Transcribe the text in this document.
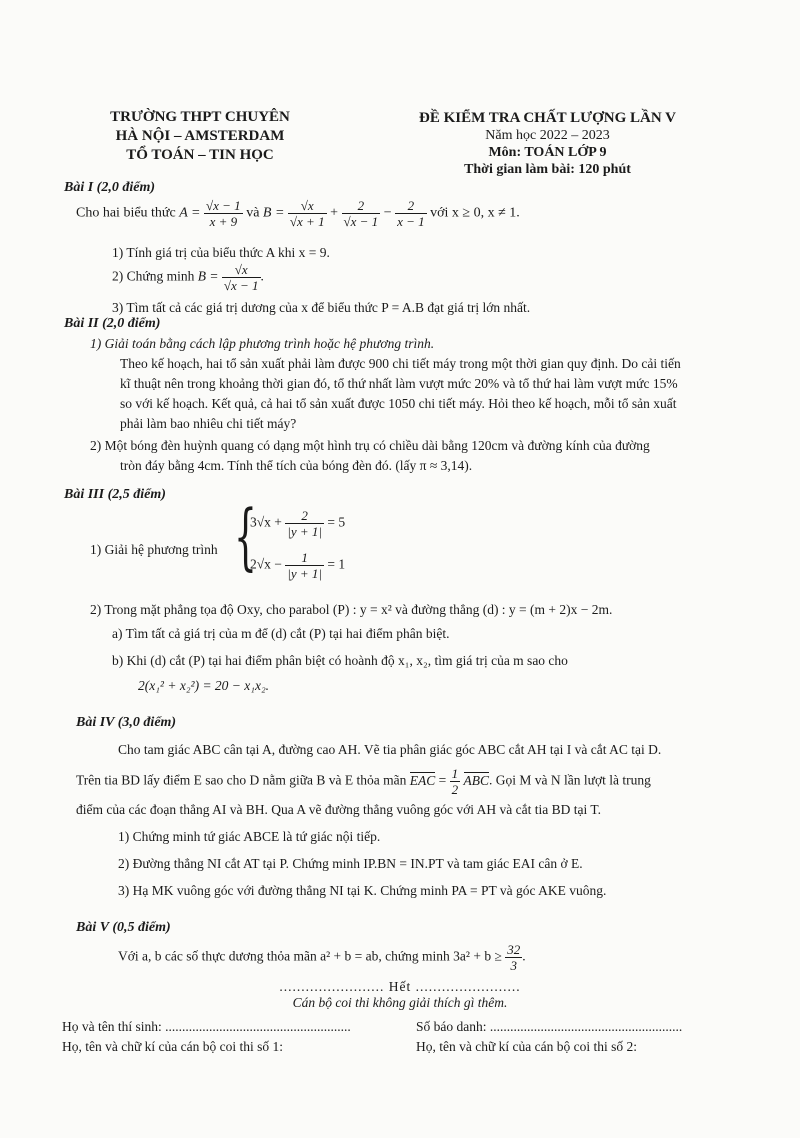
TRƯỜNG THPT CHUYÊN
HÀ NỘI – AMSTERDAM
TỔ TOÁN – TIN HỌC
ĐỀ KIỂM TRA CHẤT LƯỢNG LẦN V
Năm học 2022 – 2023
Môn: TOÁN LỚP 9
Thời gian làm bài: 120 phút
Bài I (2,0 điểm)
Cho hai biểu thức $A = \frac{√x - 1}{x + 9}$ và $B = \frac{√x}{√x + 1} + \frac{2}{√x - 1} - \frac{2}{x - 1}$ với x ≥ 0, x ≠ 1.
1) Tính giá trị của biểu thức A khi x = 9.
2) Chứng minh $B = \frac{√x}{√x - 1}$ .
3) Tìm tất cả các giá trị dương của x để biểu thức P = A.B đạt giá trị lớn nhất.
Bài II (2,0 điểm)
1) Giải toán bằng cách lập phương trình hoặc hệ phương trình.
Theo kế hoạch, hai tổ sản xuất phải làm được 900 chi tiết máy trong một thời gian quy định. Do cải tiến
kĩ thuật nên trong khoảng thời gian đó, tổ thứ nhất làm vượt mức 20% và tổ thứ hai làm vượt mức 15%
so với kế hoạch. Kết quả, cả hai tổ sản xuất được 1050 chi tiết máy. Hỏi theo kế hoạch, mỗi tổ sản xuất
phải làm bao nhiêu chi tiết máy?
2) Một bóng đèn huỳnh quang có dạng một hình trụ có chiều dài bằng 120cm và đường kính của đường
tròn đáy bằng 4cm. Tính thể tích của bóng đèn đó. (lấy π ≈ 3,14).
Bài III (2,5 điểm)
1) Giải hệ phương trình {
$3√x + \frac{2}{|y + 1|} = 5$
$2√x - \frac{1}{|y + 1|} = 1$
2) Trong mặt phẳng tọa độ Oxy, cho parabol (P) : y = x² và đường thẳng (d) : y = (m + 2)x − 2m.
a) Tìm tất cả giá trị của m để (d) cắt (P) tại hai điểm phân biệt.
b) Khi (d) cắt (P) tại hai điểm phân biệt có hoành độ x₁, x₂, tìm giá trị của m sao cho
2(x₁² + x₂²) = 20 − x₁x₂.
Bài IV (3,0 điểm)
Cho tam giác ABC cân tại A, đường cao AH. Vẽ tia phân giác góc ABC cắt AH tại I và cắt AC tại D.
Trên tia BD lấy điểm E sao cho D nằm giữa B và E thỏa mãn EAC = $\frac{1}{2}$ ABC. Gọi M và N lần lượt là trung
điểm của các đoạn thẳng AI và BH. Qua A vẽ đường thẳng vuông góc với AH và cắt tia BD tại T.
1) Chứng minh tứ giác ABCE là tứ giác nội tiếp.
2) Đường thẳng NI cắt AT tại P. Chứng minh IP.BN = IN.PT và tam giác EAI cân ở E.
3) Hạ MK vuông góc với đường thẳng NI tại K. Chứng minh PA = PT và góc AKE vuông.
Bài V (0,5 điểm)
Với a, b các số thực dương thỏa mãn a² + b = ab, chứng minh $3a^2 + b \ge \frac{32}{3}$ .
........................ Hết ........................
Cán bộ coi thi không giải thích gì thêm.
Họ và tên thí sinh: .......................................................	Số báo danh: .........................................................
Họ, tên và chữ kí của cán bộ coi thi số 1:	Họ, tên và chữ kí của cán bộ coi thi số 2:
